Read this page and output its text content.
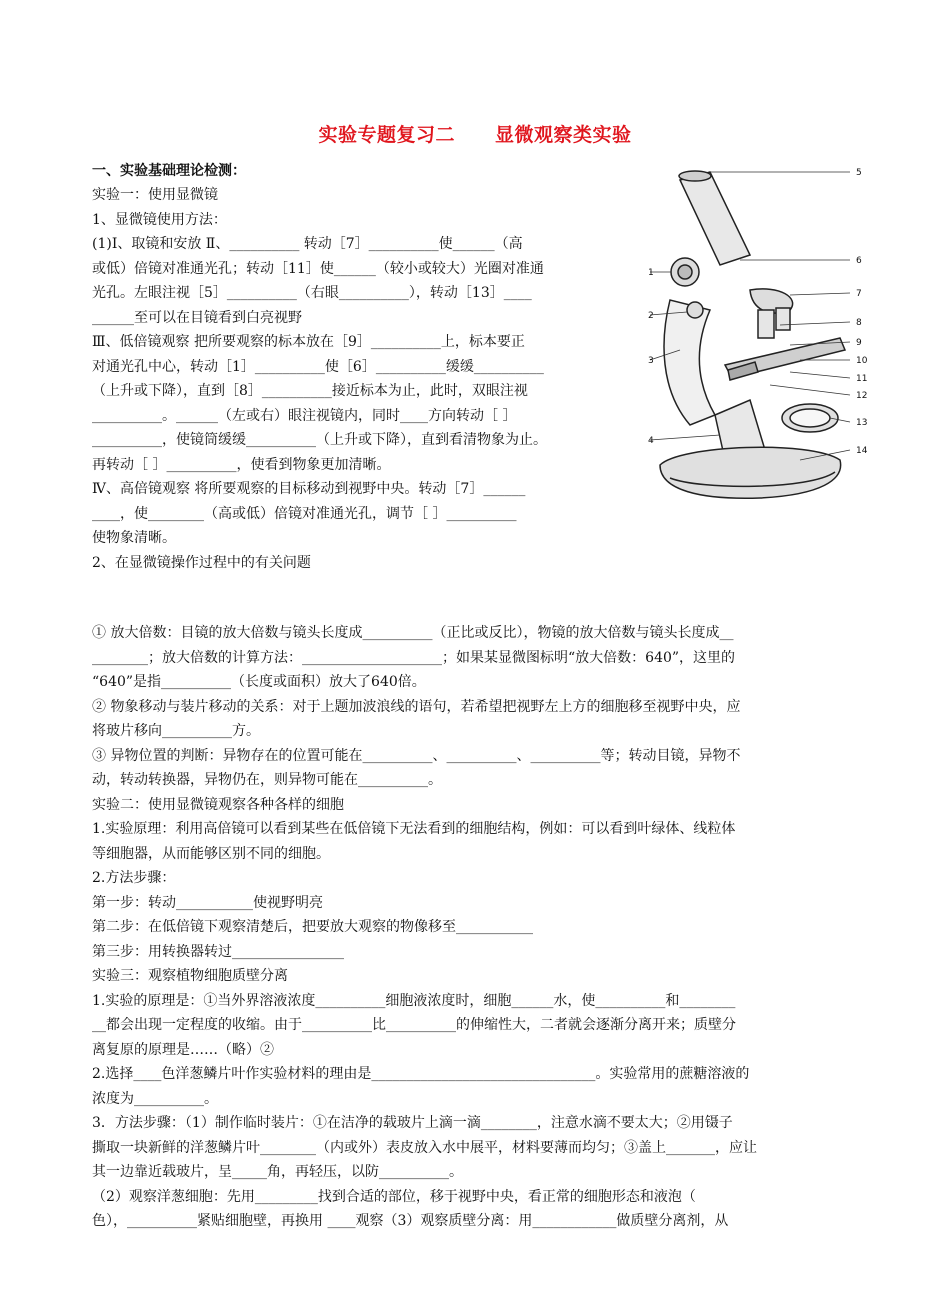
实验专题复习二 显微观察类实验
一、实验基础理论检测：
实验一：使用显微镜
1、显微镜使用方法：
(1)Ⅰ、取镜和安放 Ⅱ、__________ 转动［7］__________使______（高
或低）倍镜对准通光孔；转动［11］使______（较小或较大）光圈对准通
光孔。左眼注视［5］__________（右眼__________），转动［13］____
______至可以在目镜看到白亮视野
Ⅲ、低倍镜观察 把所要观察的标本放在［9］__________上，标本要正
对通光孔中心，转动［1］__________使［6］__________缓缓__________
（上升或下降），直到［8］__________接近标本为止，此时，双眼注视
__________。______（左或右）眼注视镜内，同时____方向转动［ ］
__________，使镜筒缓缓__________（上升或下降），直到看清物象为止。
再转动［ ］__________，使看到物象更加清晰。
Ⅳ、高倍镜观察 将所要观察的目标移动到视野中央。转动［7］______
____，使________（高或低）倍镜对准通光孔，调节［ ］__________
使物象清晰。
2、在显微镜操作过程中的有关问题
① 放大倍数：目镜的放大倍数与镜头长度成__________（正比或反比），物镜的放大倍数与镜头长度成__
________；放大倍数的计算方法：____________________；如果某显微图标明“放大倍数：640”，这里的
“640”是指__________（长度或面积）放大了640倍。
② 物象移动与装片移动的关系：对于上题加波浪线的语句，若希望把视野左上方的细胞移至视野中央，应
将玻片移向__________方。
③ 异物位置的判断：异物存在的位置可能在__________、__________、__________等；转动目镜，异物不
动，转动转换器，异物仍在，则异物可能在__________。
实验二：使用显微镜观察各种各样的细胞
1.实验原理：利用高倍镜可以看到某些在低倍镜下无法看到的细胞结构，例如：可以看到叶绿体、线粒体
等细胞器，从而能够区别不同的细胞。
2.方法步骤：
第一步：转动___________使视野明亮
第二步：在低倍镜下观察清楚后，把要放大观察的物像移至___________
第三步：用转换器转过________________
实验三：观察植物细胞质壁分离
1.实验的原理是：①当外界溶液浓度__________细胞液浓度时，细胞______水，使__________和________
__都会出现一定程度的收缩。由于__________比__________的伸缩性大，二者就会逐渐分离开来；质壁分
离复原的原理是……（略）②
2.选择____色洋葱鳞片叶作实验材料的理由是________________________________。实验常用的蔗糖溶液的
浓度为__________。
3．方法步骤：（1）制作临时装片：①在洁净的载玻片上滴一滴________，注意水滴不要太大；②用镊子
撕取一块新鲜的洋葱鳞片叶________（内或外）表皮放入水中展平，材料要薄而均匀；③盖上_______，应让
其一边靠近载玻片，呈_____角，再轻压，以防__________。
（2）观察洋葱细胞：先用_________找到合适的部位，移于视野中央，看正常的细胞形态和液泡（
色），__________紧贴细胞壁，再换用 ____观察（3）观察质壁分离：用____________做质壁分离剂，从
1
2
3
4
5
6
7
8
9
10
11
12
13
14
